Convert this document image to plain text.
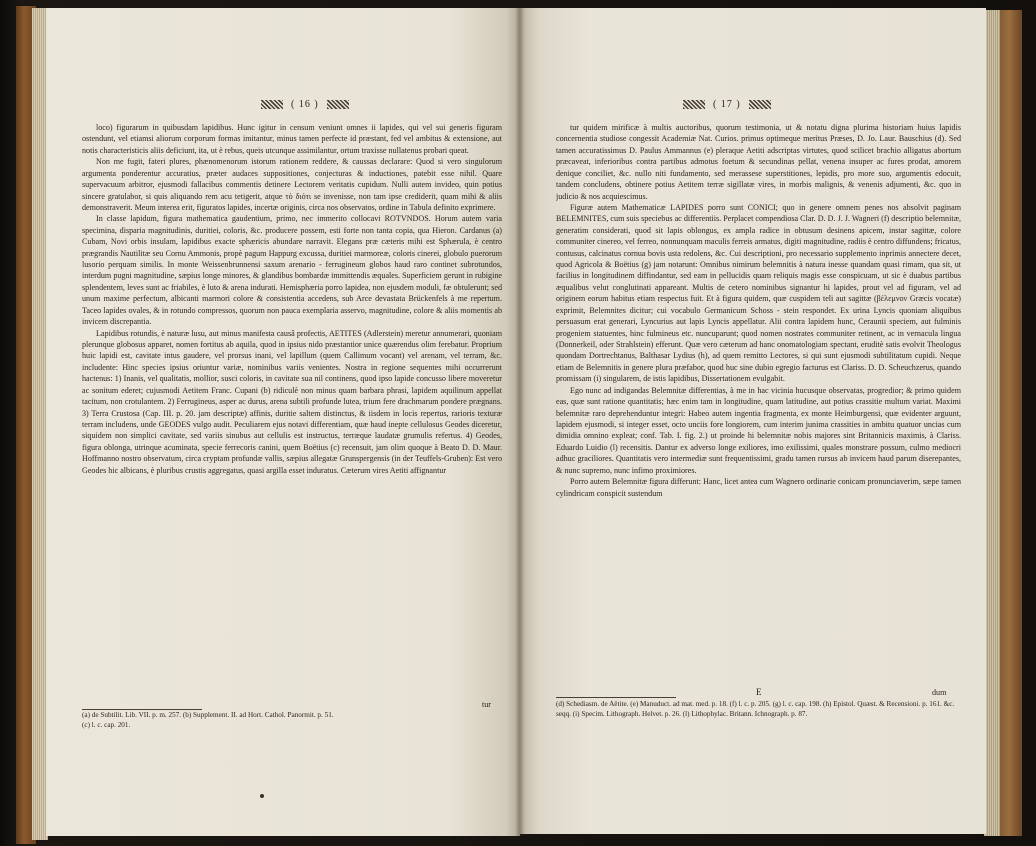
( 16 )

loco) figurarum in quibusdam lapidibus. Hunc igitur in censum veniunt omnes ii lapides, qui vel sui generis figuram ostendunt, vel etiamsi aliorum corporum formas imitantur, minus tamen perfecte id præstant, fed vel ambitus & extensione, aut notis characteristicis aliis deficiunt, ita, ut è rebus, queis utcunque assimilantur, ortum traxisse nullatenus probari queat.

Non me fugit, fateri plures, phænomenorum istorum rationem reddere, & caussas declarare: Quod si vero singulorum argumenta ponderentur accuratius, præter audaces suppositiones, conjecturas & inductiones, patebit esse nihil. Quare supervacuum arbitror, ejusmodi fallacibus commentis detinere Lectorem veritatis cupidum. Nulli autem invideo, quin potius sincere gratulabor, si quis aliquando rem acu tetigerit, atque τὸ διότι se invenisse, non tam ipse crediderit, quam mihi & aliis demonstraverit. Meum interea erit, figuratos lapides, incertæ originis, circa nos observatos, ordine in Tabula definito exprimere.

In classe lapidum, figura mathematica gaudentium, primo, nec immerito collocavi ROTVNDOS. Horum autem varia specimina, disparia magnitudinis, duritiei, coloris, &c. producere possem, esti forte non tanta copia, qua Hieron. Cardanus (a) Cubam, Novi orbis insulam, lapidibus exacte sphæricis abundare narravit. Elegans præ cæteris mihi est Sphærula, è centro prægrandis Nautilitæ seu Cornu Ammonis, propè pagum Happurg excussa, duritiei marmoreæ, coloris cinerei, globulo puerorum lusorio perquam similis. In monte Weissenbrunnensi saxum arenario - ferrugineum globos haud raro continet subrotundos, interdum pugni magnitudine, sæpius longe minores, & glandibus bombardæ immittendis æquales. Superficiem gerunt in rubigine splendentem, leves sunt ac friabiles, è luto & arena indurati. Hemisphæria porro lapidea, non ejusdem moduli, fæ obtulerunt; sed unum maxime perfectum, albicanti marmori colore & consistentia accedens, sub Arce devastata Brückenfels à me repertum. Taceo lapides ovales, & in rotundo compressos, quorum non pauca exemplaria asservo, magnitudine, colore & aliis momentis ab invicem discrepantia.

Lapidibus rotundis, è naturæ lusu, aut minus manifesta causâ profectis, AETITES (Adlerstein) meretur annumerari, quoniam plerunque globosus apparet, nomen fortitus ab aquila, quod in ipsius nido præstantior unice quærendus olim ferebatur. Proprium huic lapidi est, cavitate intus gaudere, vel prorsus inani, vel lapillum (quem Callimum vocant) vel arenam, vel terram, &c. includente: Hinc species ipsius oriuntur variæ, nominibus variis venientes. Nostra in regione sequentes mihi occurrerunt hactenus: 1) Inanis, vel qualitatis, mollior, susci coloris, in cavitate sua nil continens, quod ipso lapide concusso libere moveretur ac sonitum ederet; cujusmodi Aetitem Franc. Cupani (b) ridiculè non minus quam barbara phrasi, lapidem aquilinum appellat tacitum, non crotulantem. 2) Ferrugineus, asper ac durus, arena subtili profunde lutea, trium fere drachmarum pondere prægnans. 3) Terra Crustosa (Cap. III. p. 20. jam descriptæ) affinis, duritie saltem distinctus, & iisdem in locis repertus, rarioris texturæ terram includens, unde GEODES vulgo audit. Peculiarem ejus notavi differentiam, quæ haud inepte cellulosus Geodes diceretur, siquidem non simplici cavitate, sed variis sinubus aut cellulis est instructus, terræque laudatæ grumulis refertus. 4) Geodes, figura oblonga, utrinque acuminata, specie ferrecoris canini, quem Boëtius (c) recensuit, jam olim quoque à Beato D. D. Maur. Hoffmanno nostro observatum, circa cryptam profundæ vallis, sæpius allegatæ Grunspergensis (in der Teuffels-Gruben): Est vero Geodes hic albicans, è pluribus crustis aggregatus, quasi argilla esset induratus. Cæterum vires Aetiti affignantur

tur

(a) de Subtilit. Lib. VII. p. m. 257. (b) Supplement. II. ad Hort. Cathol. Panormit. p. 51.

(c) l. c. cap. 201.

( 17 )

tur quidem mirificæ à multis auctoribus, quorum testimonia, ut & notatu digna plurima historiam huius lapidis concernentia studiose congessit Academiæ Nat. Curios. primus optimeque meritus Præses, D. Jo. Laur. Bauschius (d). Sed tamen accuratissimus D. Paulus Ammannus (e) pleraque Aetiti adscriptas virtutes, quod scilicet brachio alligatus abortum præcaveat, inferioribus contra partibus admotus foetum & secundinas pellat, venena insuper ac fures prodat, amorem denique conciliet, &c. nullo niti fundamento, sed merassese superstitiones, lepidis, pro more suo, argumentis edocuit, tandem concludens, obtinere potius Aetitem terræ sigillatæ vires, in morbis malignis, & venenis adjumenti, &c. quo in judicio & nos acquiescimus.

Figuræ autem Mathematicæ LAPIDES porro sunt CONICI; quo in genere omnem penes nos absolvit paginam BELEMNITES, cum suis speciebus ac differentiis. Perplacet compendiosa Clar. D. D. J. J. Wagneri (f) descriptio belemnitæ, generatim considerati, quod sit lapis oblongus, ex ampla radice in obtusum desinens apicem, instar sagittæ, colore communiter cinereo, vel ferreo, nonnunquam maculis ferreis armatus, digiti magnitudine, radiis è centro diffundens; fricatus, contusus, calcinatus cornua bovis usta redolens, &c. Cui descriptioni, pro necessario supplemento inprimis annectere decet, quod Agricola & Boëtius (g) jam notarunt: Omnibus nimirum belemnitis à natura inesse quandam quasi rimam, qua sit, ut facilius in longitudinem diffindantur, sed eam in pellucidis quam reliquis magis esse conspicuam, ut sic è duabus partibus æqualibus velut conglutinati appareant. Multis de cetero nominibus signantur hi lapides, prout vel ad figuram, vel ad originem eorum habitus etiam respectus fuit. Et à figura quidem, quæ cuspidem teli aut sagittæ (βέλεμνον Græcis vocatæ) exprimit, Belemnites dicitur; cui vocabulo Germanicum Schoss - stein respondet. Ex urina Lyncis quoniam aliquibus persuasum erat generari, Lyncurius aut lapis Lyncis appellatur. Alii contra lapidem hunc, Ceraunii speciem, aut fulminis progeniem statuentes, hinc fulmineus etc. nuncuparunt; quod nomen nostrates communiter retinent, ac in vernacula lingua (Donnerkeil, oder Strahlstein) efferunt. Quæ vero cæterum ad hanc onomatologiam spectant, eruditè satis evolvit Theologus quondam Dortrechtanus, Balthasar Lydius (h), ad quem remitto Lectores, si qui sunt ejusmodi subtilitatum cupidi. Neque etiam de Belemnitis in genere plura præfabor, quod huc sine dubio egregio facturus est Clariss. D. D. Scheuchzerus, quando promissam (i) singularem, de istis lapidibus, Dissertationem evulgabit.

Ego nunc ad indigandas Belemnitæ differentias, à me in hac vicinia hucusque observatas, progredior; & primo quidem eas, quæ sunt ratione quantitatis; hæc enim tam in longitudine, quam latitudine, aut potius crassitie multum variat. Maximi belemnitæ raro deprehenduntur integri: Habeo autem ingentia fragmenta, ex monte Heimburgensi, quæ evidenter arguunt, lapidem ejusmodi, si integer esset, octo unciis fore longiorem, cum interim junima crassities in ambitu quatuor uncias cum dimidia omnino expleat; conf. Tab. I. fig. 2.) ut proinde hi belemnitæ nobis majores sint Britannicis maximis, à Clariss. Eduardo Luidio (l) recensitis. Dantur ex adverso longe exiliores, imo exilissimi, quales monstrare possum, culmo mediocri adhuc graciliores. Quantitatis vero intermediæ sunt frequentissimi, gradu tamen rursus ab invicem haud parum diserepantes, & nunc supremo, nunc infimo proximiores.

Porro autem Belemnitæ figura differunt: Hanc, licet antea cum Wagnero ordinarie conicam pronunciaverim, sæpe tamen cylindricam conspicit sustendum

E	dum

(d) Schediasm. de Aëtite. (e) Manuduct. ad mat. med. p. 18. (f) l. c. p. 205. (g) l. c. cap. 198. (h) Epistol. Quæst. & Recensioni. p. 161. &c. seqq. (i) Specim. Lithograph. Helvet. p. 26. (l) Lithophylac. Britann. Ichnograph. p. 87.
